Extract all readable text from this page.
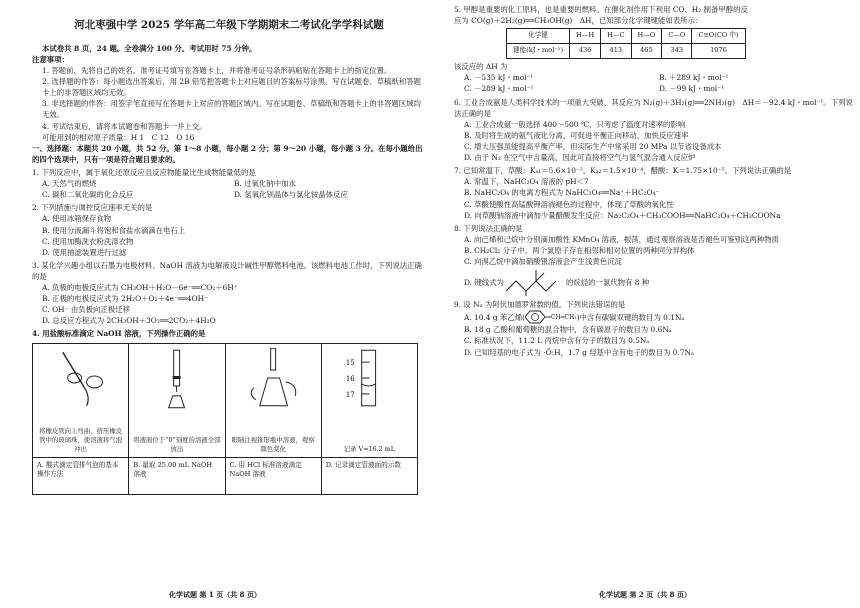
河北枣强中学 2025 学年高二年级下学期期末二考试化学学科试题
本试卷共 8 页，24 题。全卷满分 100 分。考试用时 75 分钟。
注意事项：
1. 答题前，先将自己的姓名、准考证号填写在答题卡上，并将准考证号条形码粘贴在答题卡上的指定位置。
2. 选择题的作答：每小题选出答案后，用 2B 铅笔把答题卡上对应题目的答案标号涂黑。写在试题卷、草稿纸和答题卡上的非答题区域均无效。
3. 非选择题的作答：用签字笔直接写在答题卡上对应的答题区域内。写在试题卷、草稿纸和答题卡上的非答题区域均无效。
4. 考试结束后，请将本试题卷和答题卡一并上交。
可能用到的相对原子质量：H 1　C 12　O 16
一、选择题：本题共 20 小题，共 52 分。第 1～8 小题，每小题 2 分；第 9～20 小题，每小题 3 分。在每小题给出的四个选项中，只有一项是符合题目要求的。
1. 下列反应中，属于氧化还原反应且反应物能量比生成物能量低的是
A. 天然气的燃烧	B. 过氧化钠中加水
C. 碳和二氧化碳的化合反应	D. 氢氧化钡晶体与氯化铵晶体反应
2. 下列措施与调控反应速率无关的是
A. 使用冰箱保存食物
B. 使用分液漏斗将饱和食盐水滴滴在电石上
C. 使用加酶洗衣粉洗涤衣物
D. 使用抽滤装置进行过滤
3. 某化学兴趣小组以石墨为电极材料、NaOH 溶液为电解液设计碱性甲醇燃料电池。该燃料电池工作时，下列说法正确的是
A. 负极的电极反应式为 CH₃OH＋H₂O－6e⁻══CO₂＋6H⁺
B. 正极的电极反应式为 2H₂O＋O₂＋4e⁻══4OH⁻
C. OH⁻ 由负极向正极迁移
D. 总反应方程式为 2CH₃OH＋3O₂══2CO₂＋4H₂O
4. 用盐酸标准滴定 NaOH 溶液，下列操作正确的是
将橡皮管向上弯曲，挤压橡皮管中的玻璃珠，使溶液将气泡冲出
A. 酸式滴定管排气泡的基本操作方法
将液面位于“0”刻度的溶液全部放出
B. 量取 25.00 mL NaOH 溶液
眼睛注视锥形瓶中溶液，观察颜色变化
C. 用 HCl 标准溶液滴定 NaOH 溶液
15
16
17
记录 V=16.2 mL
D. 记录滴定管液面的示数
化学试题 第 1 页（共 8 页）
5. 甲醇是重要的化工原料，也是重要的燃料。在催化剂作用下利用 CO、H₂ 制备甲醇的反
应为 CO(g)＋2H₂(g)══CH₃OH(g)　ΔH，已知部分化学键键能如表所示：
化学键	H—H	H—C	H—O	C—O	C≡O(CO 中)
键能(kJ・mol⁻¹)	436	413	465	343	1076
该反应的 ΔH 为
A. －535 kJ・mol⁻¹	B. ＋289 kJ・mol⁻¹
C. －289 kJ・mol⁻¹	D. －99 kJ・mol⁻¹
6. 工业合成氨是人类科学技术的一项重大突破，其反应为 N₂(g)＋3H₂(g)══2NH₃(g)　ΔH＝－92.4 kJ・mol⁻¹。下列说法正确的是
A. 工业合成氨一般选择 400～500 ℃，只考虑了温度对速率的影响
B. 及时将生成的氨气液化分离，可促进平衡正向移动，加快反应速率
C. 增大压强虽能提高平衡产率，但实际生产中常采用 20 MPa 以节省设备成本
D. 由于 N₂ 在空气中含量高，因此可直接将空气与氢气混合通入反应炉
7. 已知常温下，草酸：Kₐ₁＝5.6×10⁻²，Kₐ₂＝1.5×10⁻⁴，醋酸：K＝1.75×10⁻⁵。下列说法正确的是
A. 常温下，NaHC₂O₄ 溶液的 pH＜7
B. NaHC₂O₄ 的电离方程式为 NaHC₂O₄══Na⁺＋HC₂O₄⁻
C. 草酸使酸性高锰酸钾溶液褪色的过程中，体现了草酸的氧化性
D. 向草酸钠溶液中滴加少量醋酸发生反应：Na₂C₂O₄＋CH₃COOH══NaHC₂O₄＋CH₃COONa
8. 下列说法正确的是
A. 向己烯和己烷中分别滴加酸性 KMnO₄ 溶液，振荡，通过观察溶液是否褪色可鉴别这两种物质
B. CH₂Cl₂ 分子中，两个氯原子存在相邻和相对位置的两种同分异构体
C. 向溴乙烷中滴加硝酸银溶液会产生浅黄色沉淀
D. 键线式为	的烷烃的一氯代物有 8 种
9. 设 Nₐ 为阿伏加德罗常数的值。下列说法错误的是
A. 10.4 g 苯乙烯(	CH═CH₂ )中含有碳碳双键的数目为 0.1Nₐ
B. 18 g 乙酸和葡萄糖的混合物中，含有碳原子的数目为 0.6Nₐ
C. 标准状况下，11.2 L 丙烷中含有分子的数目为 0.5Nₐ
D. 已知羟基的电子式为 ·Ö:H，1.7 g 羟基中含有电子的数目为 0.7Nₐ
化学试题 第 2 页（共 8 页）
